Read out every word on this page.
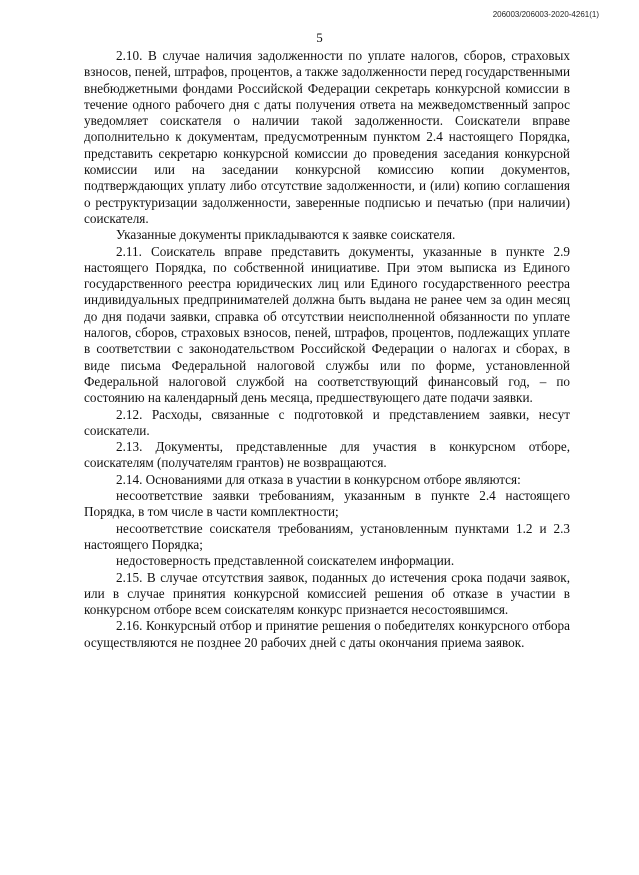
206003/206003-2020-4261(1)
5

2.10. В случае наличия задолженности по уплате налогов, сборов, страховых взносов, пеней, штрафов, процентов, а также задолженности перед государственными внебюджетными фондами Российской Федерации секретарь конкурсной комиссии в течение одного рабочего дня с даты получения ответа на межведомственный запрос уведомляет соискателя о наличии такой задолженности. Соискатели вправе дополнительно к документам, предусмотренным пунктом 2.4 настоящего Порядка, представить секретарю конкурсной комиссии до проведения заседания конкурсной комиссии или на заседании конкурсной комиссию копии документов, подтверждающих уплату либо отсутствие задолженности, и (или) копию соглашения о реструктуризации задолженности, заверенные подписью и печатью (при наличии) соискателя.

Указанные документы прикладываются к заявке соискателя.

2.11. Соискатель вправе представить документы, указанные в пункте 2.9 настоящего Порядка, по собственной инициативе. При этом выписка из Единого государственного реестра юридических лиц или Единого государственного реестра индивидуальных предпринимателей должна быть выдана не ранее чем за один месяц до дня подачи заявки, справка об отсутствии неисполненной обязанности по уплате налогов, сборов, страховых взносов, пеней, штрафов, процентов, подлежащих уплате в соответствии с законодательством Российской Федерации о налогах и сборах, в виде письма Федеральной налоговой службы или по форме, установленной Федеральной налоговой службой на соответствующий финансовый год, – по состоянию на календарный день месяца, предшествующего дате подачи заявки.

2.12. Расходы, связанные с подготовкой и представлением заявки, несут соискатели.

2.13. Документы, представленные для участия в конкурсном отборе, соискателям (получателям грантов) не возвращаются.

2.14. Основаниями для отказа в участии в конкурсном отборе являются:

несоответствие заявки требованиям, указанным в пункте 2.4 настоящего Порядка, в том числе в части комплектности;

несоответствие соискателя требованиям, установленным пунктами 1.2 и 2.3 настоящего Порядка;

недостоверность представленной соискателем информации.

2.15. В случае отсутствия заявок, поданных до истечения срока подачи заявок, или в случае принятия конкурсной комиссией решения об отказе в участии в конкурсном отборе всем соискателям конкурс признается несостоявшимся.

2.16. Конкурсный отбор и принятие решения о победителях конкурсного отбора осуществляются не позднее 20 рабочих дней с даты окончания приема заявок.
